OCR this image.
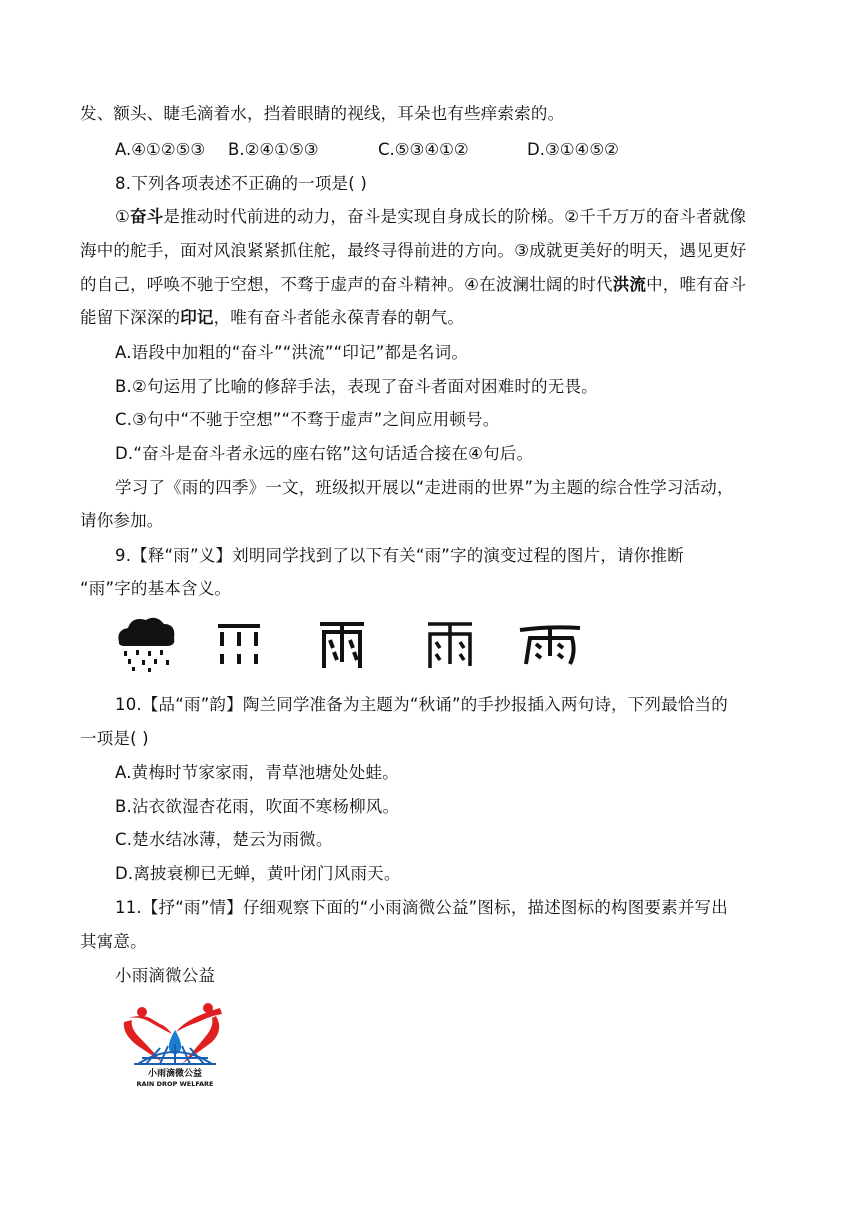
发、额头、睫毛滴着水，挡着眼睛的视线，耳朵也有些痒索索的。
A.④①②⑤③ B.②④①⑤③	C.⑤③④①②	D.③①④⑤②
8.下列各项表述不正确的一项是( )
①奋斗是推动时代前进的动力，奋斗是实现自身成长的阶梯。②千千万万的奋斗者就像
海中的舵手，面对风浪紧紧抓住舵，最终寻得前进的方向。③成就更美好的明天，遇见更好
的自己，呼唤不驰于空想，不骛于虚声的奋斗精神。④在波澜壮阔的时代洪流中，唯有奋斗
能留下深深的印记，唯有奋斗者能永葆青春的朝气。
A.语段中加粗的“奋斗”“洪流”“印记”都是名词。
B.②句运用了比喻的修辞手法，表现了奋斗者面对困难时的无畏。
C.③句中“不驰于空想”“不骛于虚声”之间应用顿号。
D.“奋斗是奋斗者永远的座右铭”这句话适合接在④句后。
学习了《雨的四季》一文，班级拟开展以“走进雨的世界”为主题的综合性学习活动，
请你参加。
9.【释“雨”义】刘明同学找到了以下有关“雨”字的演变过程的图片，请你推断
“雨”字的基本含义。
10.【品“雨”韵】陶兰同学准备为主题为“秋诵”的手抄报插入两句诗，下列最恰当的
一项是( )
A.黄梅时节家家雨，青草池塘处处蛙。
B.沾衣欲湿杏花雨，吹面不寒杨柳风。
C.楚水结冰薄，楚云为雨微。
D.离披衰柳已无蝉，黄叶闭门风雨天。
11.【抒“雨”情】仔细观察下面的“小雨滴微公益”图标，描述图标的构图要素并写出
其寓意。
小雨滴微公益
小雨滴微公益
RAIN DROP WELFARE
